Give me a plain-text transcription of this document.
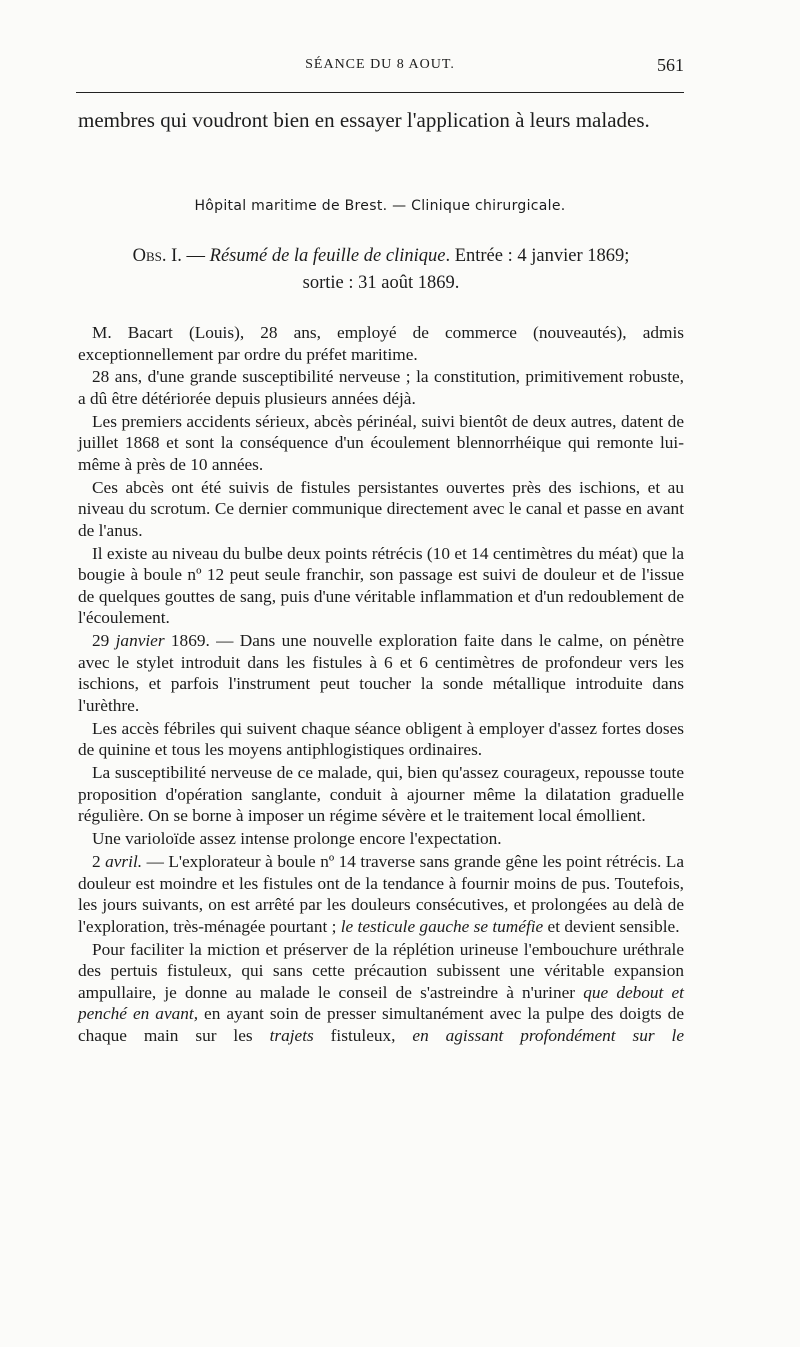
SÉANCE DU 8 AOUT.	561

membres qui voudront bien en essayer l'application à leurs malades.

Hôpital maritime de Brest. — Clinique chirurgicale.

Obs. I. — Résumé de la feuille de clinique. Entrée : 4 janvier 1869;
sortie : 31 août 1869.

M. Bacart (Louis), 28 ans, employé de commerce (nouveautés), admis exceptionnellement par ordre du préfet maritime.

28 ans, d'une grande susceptibilité nerveuse ; la constitution, primitivement robuste, a dû être détériorée depuis plusieurs années déjà.

Les premiers accidents sérieux, abcès périnéal, suivi bientôt de deux autres, datent de juillet 1868 et sont la conséquence d'un écoulement blennorrhéique qui remonte lui-même à près de 10 années.

Ces abcès ont été suivis de fistules persistantes ouvertes près des ischions, et au niveau du scrotum. Ce dernier communique directement avec le canal et passe en avant de l'anus.

Il existe au niveau du bulbe deux points rétrécis (10 et 14 centimètres du méat) que la bougie à boule nº 12 peut seule franchir, son passage est suivi de douleur et de l'issue de quelques gouttes de sang, puis d'une véritable inflammation et d'un redoublement de l'écoulement.

29 janvier 1869. — Dans une nouvelle exploration faite dans le calme, on pénètre avec le stylet introduit dans les fistules à 6 et 6 centimètres de profondeur vers les ischions, et parfois l'instrument peut toucher la sonde métallique introduite dans l'urèthre.

Les accès fébriles qui suivent chaque séance obligent à employer d'assez fortes doses de quinine et tous les moyens antiphlogistiques ordinaires.

La susceptibilité nerveuse de ce malade, qui, bien qu'assez courageux, repousse toute proposition d'opération sanglante, conduit à ajourner même la dilatation graduelle régulière. On se borne à imposer un régime sévère et le traitement local émollient.

Une varioloïde assez intense prolonge encore l'expectation.

2 avril. — L'explorateur à boule nº 14 traverse sans grande gêne les point rétrécis. La douleur est moindre et les fistules ont de la tendance à fournir moins de pus. Toutefois, les jours suivants, on est arrêté par les douleurs consécutives, et prolongées au delà de l'exploration, très-ménagée pourtant ; le testicule gauche se tuméfie et devient sensible.

Pour faciliter la miction et préserver de la réplétion urineuse l'embouchure uréthrale des pertuis fistuleux, qui sans cette précaution subissent une véritable expansion ampullaire, je donne au malade le conseil de s'astreindre à n'uriner que debout et penché en avant, en ayant soin de presser simultanément avec la pulpe des doigts de chaque main sur les trajets fistuleux, en agissant profondément sur le
